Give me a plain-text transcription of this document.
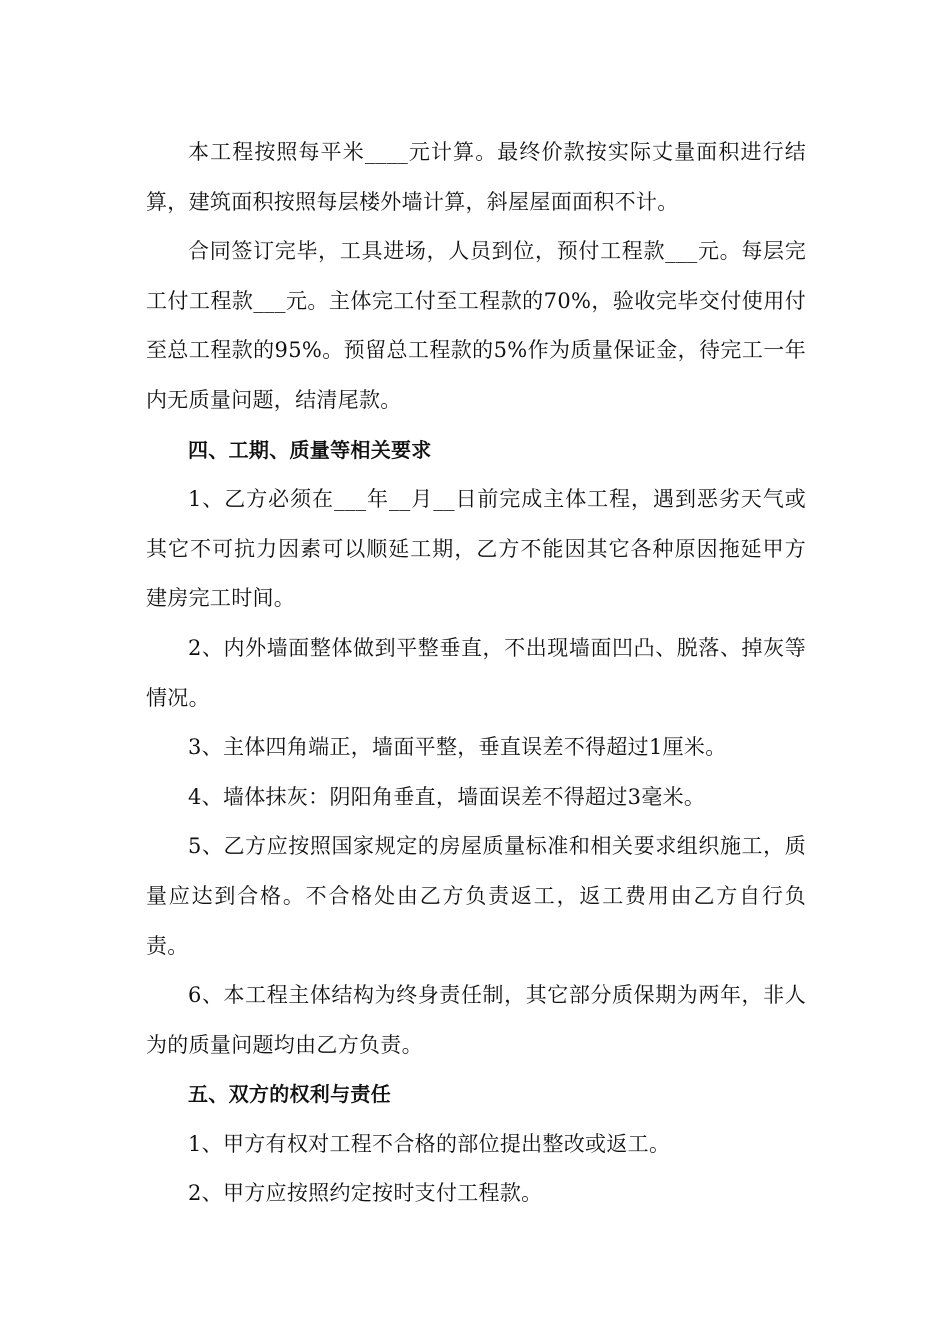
本工程按照每平米____元计算。最终价款按实际丈量面积进行结算，建筑面积按照每层楼外墙计算，斜屋屋面面积不计。

合同签订完毕，工具进场，人员到位，预付工程款___元。每层完工付工程款___元。主体完工付至工程款的70%，验收完毕交付使用付至总工程款的95%。预留总工程款的5%作为质量保证金，待完工一年内无质量问题，结清尾款。

四、工期、质量等相关要求

1、乙方必须在___年__月__日前完成主体工程，遇到恶劣天气或其它不可抗力因素可以顺延工期，乙方不能因其它各种原因拖延甲方建房完工时间。

2、内外墙面整体做到平整垂直，不出现墙面凹凸、脱落、掉灰等情况。

3、主体四角端正，墙面平整，垂直误差不得超过1厘米。

4、墙体抹灰：阴阳角垂直，墙面误差不得超过3毫米。

5、乙方应按照国家规定的房屋质量标准和相关要求组织施工，质量应达到合格。不合格处由乙方负责返工，返工费用由乙方自行负责。

6、本工程主体结构为终身责任制，其它部分质保期为两年，非人为的质量问题均由乙方负责。

五、双方的权利与责任

1、甲方有权对工程不合格的部位提出整改或返工。

2、甲方应按照约定按时支付工程款。
